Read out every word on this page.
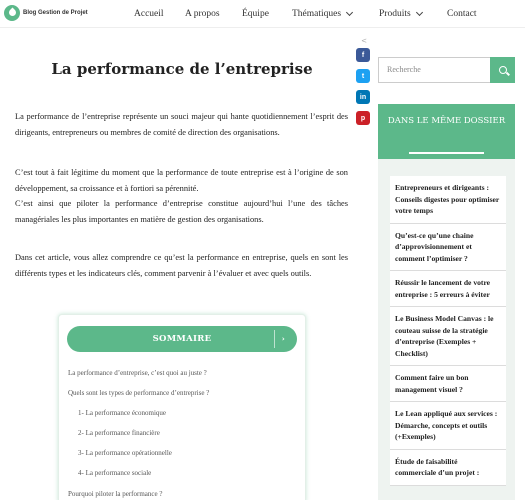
Blog Gestion de Projet	Accueil A propos Équipe Thématiques	Produits	Contact
<
f
t
in
p
La performance de l’entreprise

La performance de l’entreprise représente un souci majeur qui hante quotidiennement l’esprit des dirigeants, entrepreneurs ou membres de comité de direction des organisations.

C’est tout à fait légitime du moment que la performance de toute entreprise est à l’origine de son développement, sa croissance et à fortiori sa pérennité.

C’est ainsi que piloter la performance d’entreprise constitue aujourd’hui l’une des tâches managériales les plus importantes en matière de gestion des organisations.

Dans cet article, vous allez comprendre ce qu’est la performance en entreprise, quels en sont les différents types et les indicateurs clés, comment parvenir à l’évaluer et avec quels outils.

SOMMAIRE	›
La performance d’entreprise, c’est quoi au juste ?
Quels sont les types de performance d’entreprise ?
1- La performance économique
2- La performance financière
3- La performance opérationnelle
4- La performance sociale
Pourquoi piloter la performance ?
Recherche
DANS LE MÊME DOSSIER
Entrepreneurs et dirigeants : Conseils digestes pour optimiser votre temps
Qu’est-ce qu’une chaine d’approvisionnement et comment l’optimiser ?
Réussir le lancement de votre entreprise : 5 erreurs à éviter
Le Business Model Canvas : le couteau suisse de la stratégie d’entreprise (Exemples + Checklist)
Comment faire un bon management visuel ?
Le Lean appliqué aux services : Démarche, concepts et outils (+Exemples)
Étude de faisabilité commerciale d’un projet :
